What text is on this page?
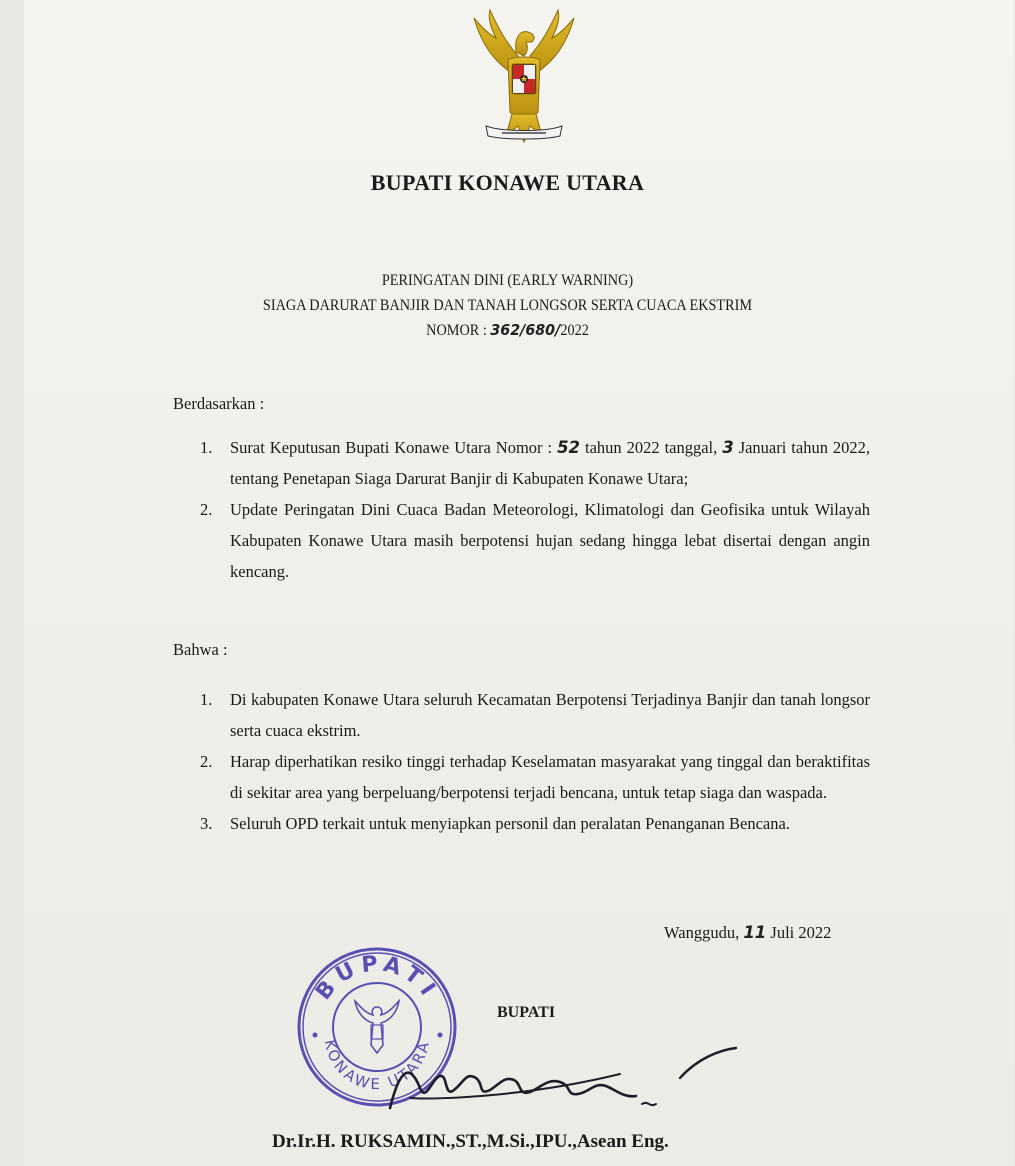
BUPATI KONAWE UTARA
PERINGATAN DINI (EARLY WARNING)
SIAGA DARURAT BANJIR DAN TANAH LONGSOR SERTA CUACA EKSTRIM
NOMOR : 362/680/2022
Berdasarkan :
1. Surat Keputusan Bupati Konawe Utara Nomor : 52 tahun 2022 tanggal, 3 Januari tahun 2022, tentang Penetapan Siaga Darurat Banjir di Kabupaten Konawe Utara;
2. Update Peringatan Dini Cuaca Badan Meteorologi, Klimatologi dan Geofisika untuk Wilayah Kabupaten Konawe Utara masih berpotensi hujan sedang hingga lebat disertai dengan angin kencang.
Bahwa :
1. Di kabupaten Konawe Utara seluruh Kecamatan Berpotensi Terjadinya Banjir dan tanah longsor serta cuaca ekstrim.
2. Harap diperhatikan resiko tinggi terhadap Keselamatan masyarakat yang tinggal dan beraktifitas di sekitar area yang berpeluang/berpotensi terjadi bencana, untuk tetap siaga dan waspada.
3. Seluruh OPD terkait untuk menyiapkan personil dan peralatan Penanganan Bencana.
Wanggudu, 11 Juli 2022
BUPATI
KONAWE UTARA
BUPATI
Dr.Ir.H. RUKSAMIN.,ST.,M.Si.,IPU.,Asean Eng.
